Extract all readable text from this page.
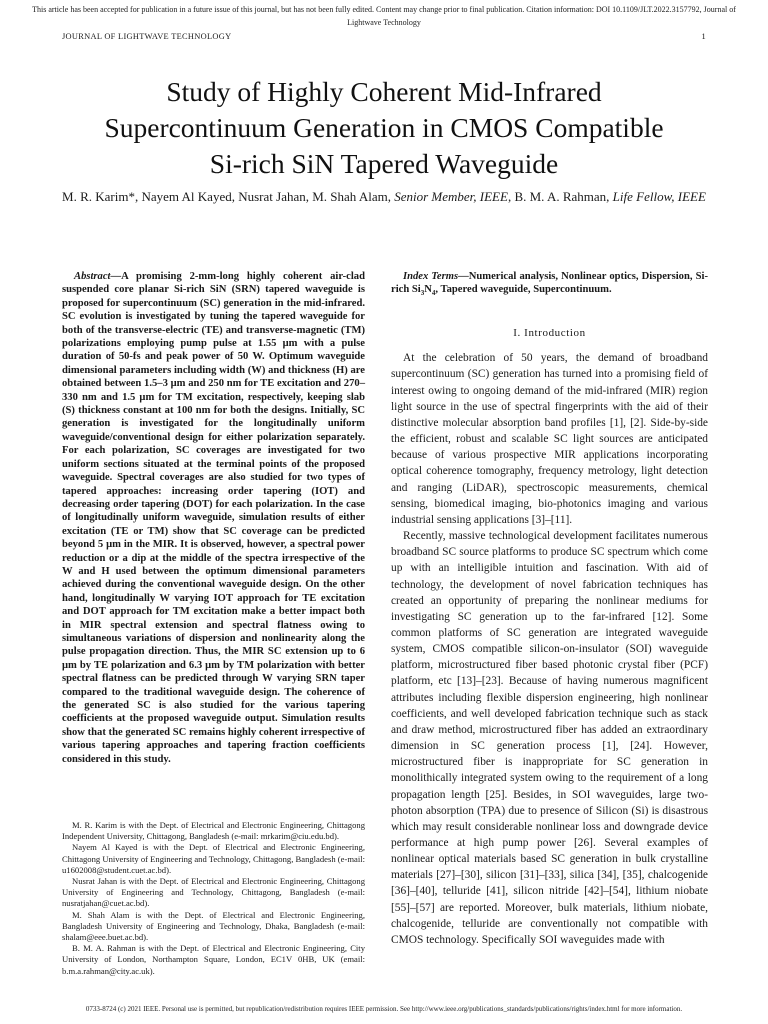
This article has been accepted for publication in a future issue of this journal, but has not been fully edited. Content may change prior to final publication. Citation information: DOI 10.1109/JLT.2022.3157792, Journal of Lightwave Technology
JOURNAL OF LIGHTWAVE TECHNOLOGY	1
Study of Highly Coherent Mid-Infrared
Supercontinuum Generation in CMOS Compatible
Si-rich SiN Tapered Waveguide
M. R. Karim*, Nayem Al Kayed, Nusrat Jahan, M. Shah Alam, Senior Member, IEEE, B. M. A. Rahman, Life Fellow, IEEE
Abstract—A promising 2-mm-long highly coherent air-clad suspended core planar Si-rich SiN (SRN) tapered waveguide is proposed for supercontinuum (SC) generation in the mid-infrared. SC evolution is investigated by tuning the tapered waveguide for both of the transverse-electric (TE) and transverse-magnetic (TM) polarizations employing pump pulse at 1.55 μm with a pulse duration of 50-fs and peak power of 50 W. Optimum waveguide dimensional parameters including width (W) and thickness (H) are obtained between 1.5–3 μm and 250 nm for TE excitation and 270–330 nm and 1.5 μm for TM excitation, respectively, keeping slab (S) thickness constant at 100 nm for both the designs. Initially, SC generation is investigated for the longitudinally uniform waveguide/conventional design for either polarization separately. For each polarization, SC coverages are investigated for two uniform sections situated at the terminal points of the proposed waveguide. Spectral coverages are also studied for two types of tapered approaches: increasing order tapering (IOT) and decreasing order tapering (DOT) for each polarization. In the case of longitudinally uniform waveguide, simulation results of either excitation (TE or TM) show that SC coverage can be predicted beyond 5 μm in the MIR. It is observed, however, a spectral power reduction or a dip at the middle of the spectra irrespective of the W and H used between the optimum dimensional parameters achieved during the conventional waveguide design. On the other hand, longitudinally W varying IOT approach for TE excitation and DOT approach for TM excitation make a better impact both in MIR spectral extension and spectral flatness owing to simultaneous variations of dispersion and nonlinearity along the pulse propagation direction. Thus, the MIR SC extension up to 6 μm by TE polarization and 6.3 μm by TM polarization with better spectral flatness can be predicted through W varying SRN taper compared to the traditional waveguide design. The coherence of the generated SC is also studied for the various tapering coefficients at the proposed waveguide output. Simulation results show that the generated SC remains highly coherent irrespective of various tapering approaches and tapering fraction coefficients considered in this study.

M. R. Karim is with the Dept. of Electrical and Electronic Engineering, Chittagong Independent University, Chittagong, Bangladesh (e-mail: mrkarim@ciu.edu.bd).

Nayem Al Kayed is with the Dept. of Electrical and Electronic Engineering, Chittagong University of Engineering and Technology, Chittagong, Bangladesh (e-mail: u1602008@student.cuet.ac.bd).

Nusrat Jahan is with the Dept. of Electrical and Electronic Engineering, Chittagong University of Engineering and Technology, Chittagong, Bangladesh (e-mail: nusratjahan@cuet.ac.bd).

M. Shah Alam is with the Dept. of Electrical and Electronic Engineering, Bangladesh University of Engineering and Technology, Dhaka, Bangladesh (e-mail: shalam@eee.buet.ac.bd).

B. M. A. Rahman is with the Dept. of Electrical and Electronic Engineering, City University of London, Northampton Square, London, EC1V 0HB, UK (email: b.m.a.rahman@city.ac.uk).

Index Terms—Numerical analysis, Nonlinear optics, Dispersion, Si-rich $Si_3N_4$, Tapered waveguide, Supercontinuum.
I. Introduction

At the celebration of 50 years, the demand of broadband supercontinuum (SC) generation has turned into a promising field of interest owing to ongoing demand of the mid-infrared (MIR) region light source in the use of spectral fingerprints with the aid of their distinctive molecular absorption band profiles [1], [2]. Side-by-side the efficient, robust and scalable SC light sources are anticipated because of various prospective MIR applications incorporating optical coherence tomography, frequency metrology, light detection and ranging (LiDAR), spectroscopic measurements, chemical sensing, biomedical imaging, bio-photonics imaging and various industrial sensing applications [3]–[11].

Recently, massive technological development facilitates numerous broadband SC source platforms to produce SC spectrum which come up with an intelligible intuition and fascination. With aid of technology, the development of novel fabrication techniques has created an opportunity of preparing the nonlinear mediums for investigating SC generation up to the far-infrared [12]. Some common platforms of SC generation are integrated waveguide system, CMOS compatible silicon-on-insulator (SOI) waveguide platform, microstructured fiber based photonic crystal fiber (PCF) platform, etc [13]–[23]. Because of having numerous magnificent attributes including flexible dispersion engineering, high nonlinear coefficients, and well developed fabrication technique such as stack and draw method, microstructured fiber has added an extraordinary dimension in SC generation process [1], [24]. However, microstructured fiber is inappropriate for SC generation in monolithically integrated system owing to the requirement of a long propagation length [25]. Besides, in SOI waveguides, large two-photon absorption (TPA) due to presence of Silicon (Si) is disastrous which may result considerable nonlinear loss and downgrade device performance at high pump power [26]. Several examples of nonlinear optical materials based SC generation in bulk crystalline materials [27]–[30], silicon [31]–[33], silica [34], [35], chalcogenide [36]–[40], telluride [41], silicon nitride [42]–[54], lithium niobate [55]–[57] are reported. Moreover, bulk materials, lithium niobate, chalcogenide, telluride are conventionally not compatible with CMOS technology. Specifically SOI waveguides made with

0733-8724 (c) 2021 IEEE. Personal use is permitted, but republication/redistribution requires IEEE permission. See http://www.ieee.org/publications_standards/publications/rights/index.html for more information.
